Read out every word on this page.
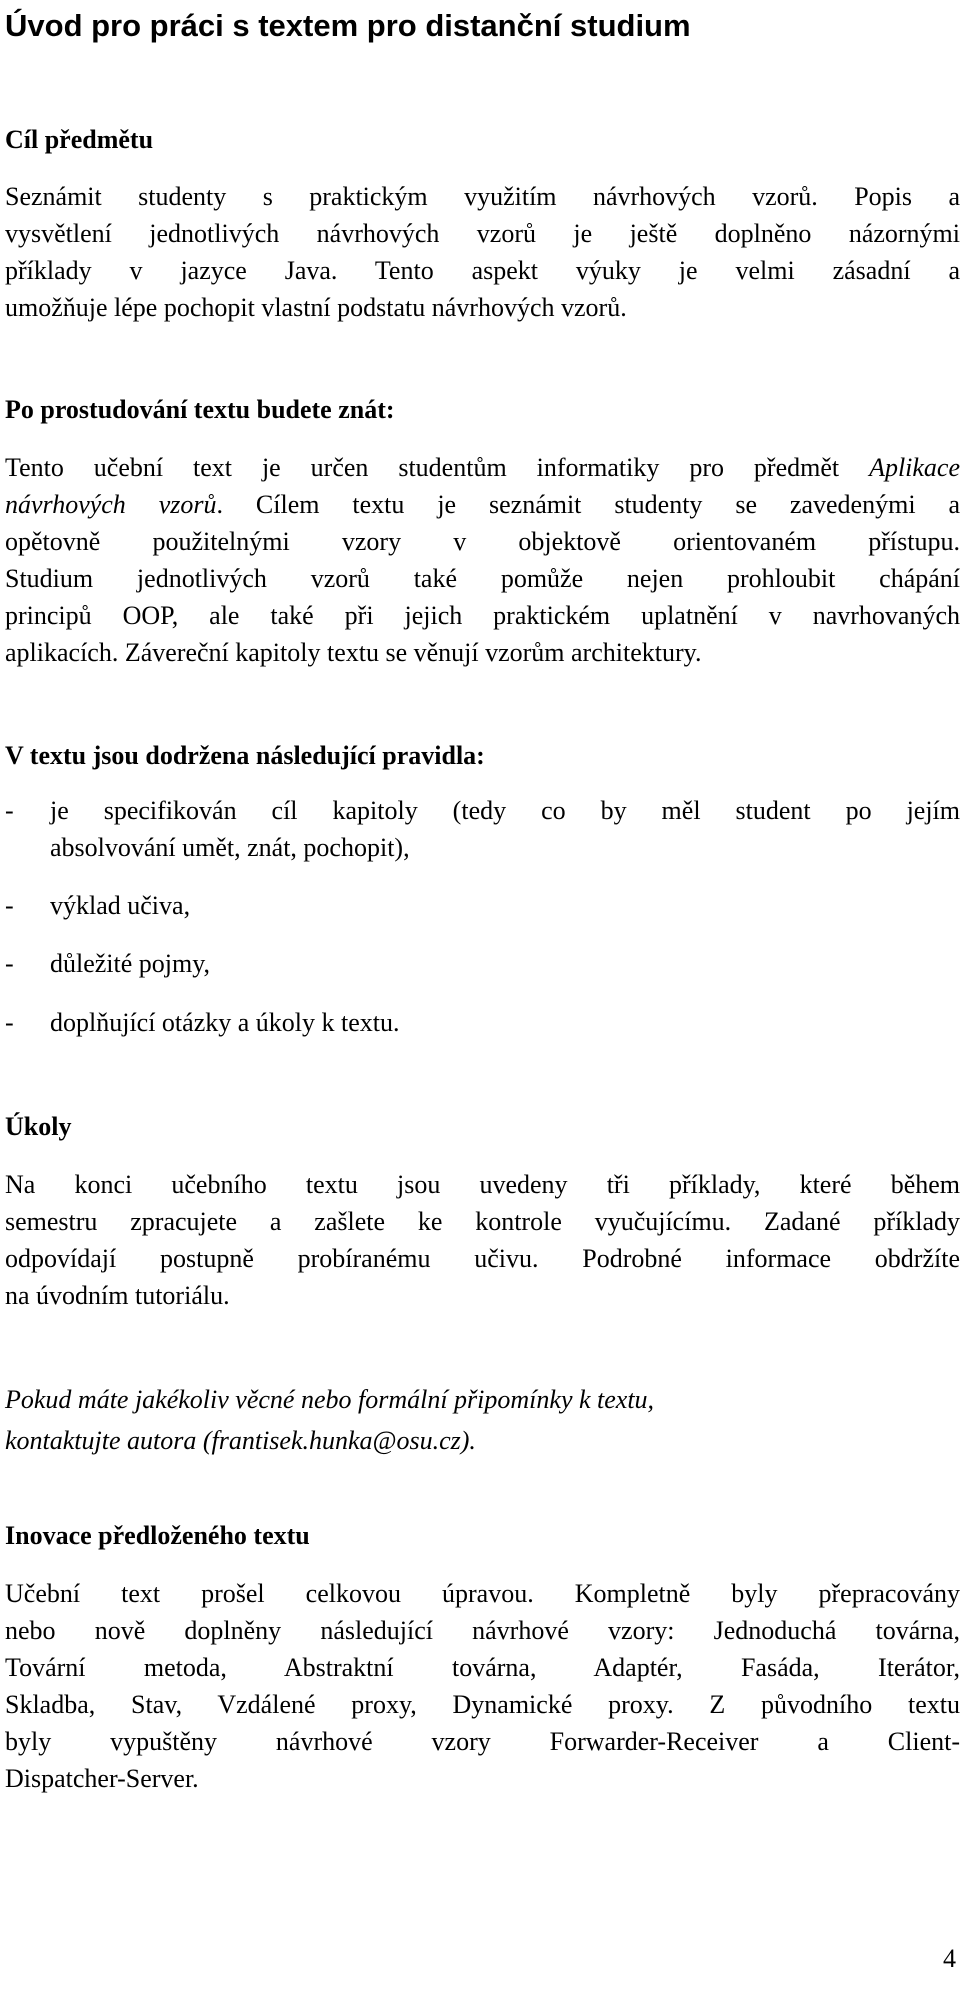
Úvod pro práci s textem pro distanční studium
Cíl předmětu
Seznámit studenty s praktickým využitím návrhových vzorů. Popis a
vysvětlení jednotlivých návrhových vzorů je ještě doplněno názornými
příklady v jazyce Java. Tento aspekt výuky je velmi zásadní a
umožňuje lépe pochopit vlastní podstatu návrhových vzorů.
Po prostudování textu budete znát:
Tento učební text je určen studentům informatiky pro předmět Aplikace
návrhových vzorů. Cílem textu je seznámit studenty se zavedenými a
opětovně použitelnými vzory v objektově orientovaném přístupu.
Studium jednotlivých vzorů také pomůže nejen prohloubit chápání
principů OOP, ale také při jejich praktickém uplatnění v navrhovaných
aplikacích. Závereční kapitoly textu se věnují vzorům architektury.
V textu jsou dodržena následující pravidla:
- je specifikován cíl kapitoly (tedy co by měl student po jejím
absolvování umět, znát, pochopit),
- výklad učiva,
- důležité pojmy,
- doplňující otázky a úkoly k textu.
Úkoly
Na konci učebního textu jsou uvedeny tři příklady, které během
semestru zpracujete a zašlete ke kontrole vyučujícímu. Zadané příklady
odpovídají postupně probíranému učivu. Podrobné informace obdržíte
na úvodním tutoriálu.
Pokud máte jakékoliv věcné nebo formální připomínky k textu,
kontaktujte autora (frantisek.hunka@osu.cz).
Inovace předloženého textu
Učební text prošel celkovou úpravou. Kompletně byly přepracovány
nebo nově doplněny následující návrhové vzory: Jednoduchá továrna,
Tovární metoda, Abstraktní továrna, Adaptér, Fasáda, Iterátor,
Skladba, Stav, Vzdálené proxy, Dynamické proxy. Z původního textu
byly vypuštěny návrhové vzory Forwarder-Receiver a Client-
Dispatcher-Server.
4
